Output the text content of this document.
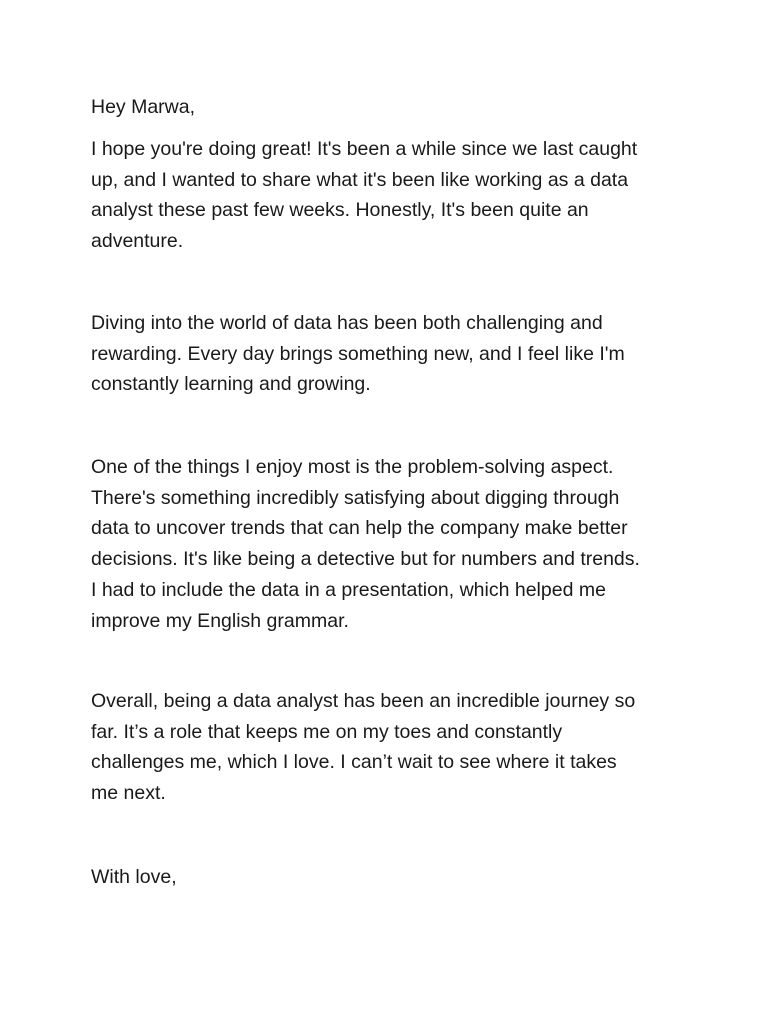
Hey Marwa,

I hope you're doing great! It's been a while since we last caught
up, and I wanted to share what it's been like working as a data
analyst these past few weeks. Honestly, It's been quite an
adventure.

Diving into the world of data has been both challenging and
rewarding. Every day brings something new, and I feel like I'm
constantly learning and growing.

One of the things I enjoy most is the problem-solving aspect.
There's something incredibly satisfying about digging through
data to uncover trends that can help the company make better
decisions. It's like being a detective but for numbers and trends.
I had to include the data in a presentation, which helped me
improve my English grammar.

Overall, being a data analyst has been an incredible journey so
far. It’s a role that keeps me on my toes and constantly
challenges me, which I love. I can’t wait to see where it takes
me next.

With love,
